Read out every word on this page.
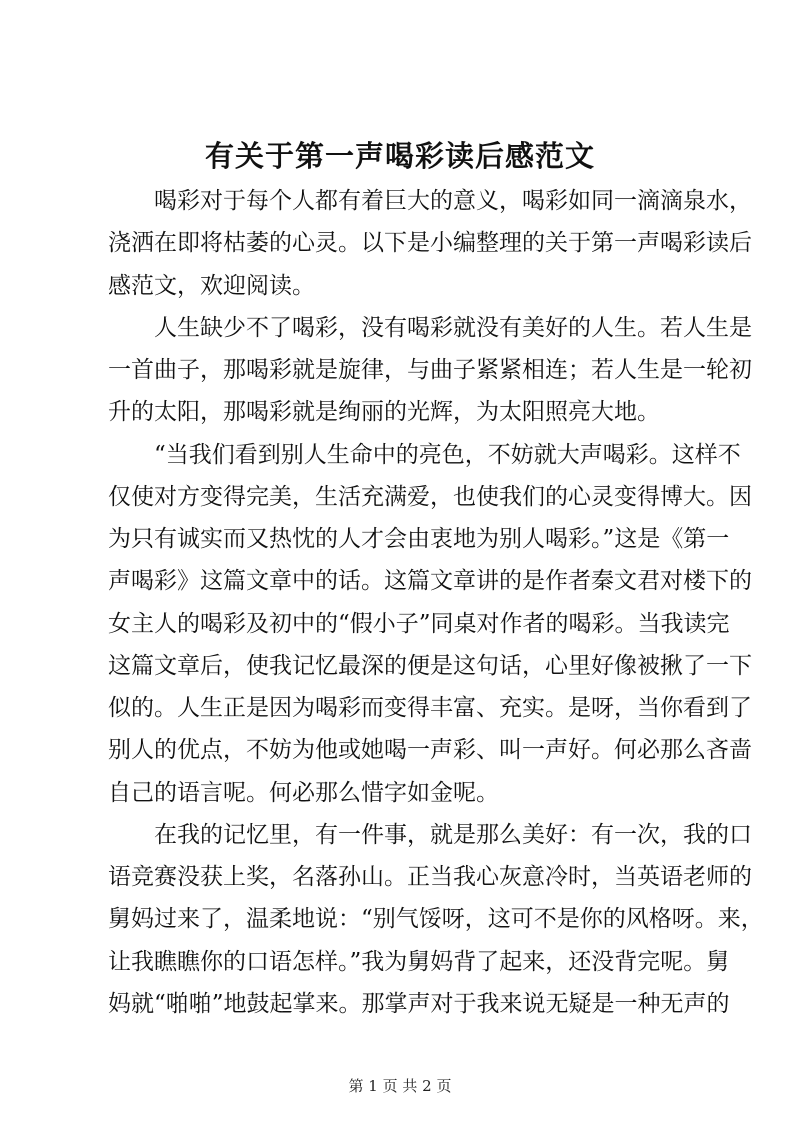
有关于第一声喝彩读后感范文
喝彩对于每个人都有着巨大的意义，喝彩如同一滴滴泉水，
浇洒在即将枯萎的心灵。以下是小编整理的关于第一声喝彩读后
感范文，欢迎阅读。
人生缺少不了喝彩，没有喝彩就没有美好的人生。若人生是
一首曲子，那喝彩就是旋律，与曲子紧紧相连；若人生是一轮初
升的太阳，那喝彩就是绚丽的光辉，为太阳照亮大地。
“当我们看到别人生命中的亮色，不妨就大声喝彩。这样不
仅使对方变得完美，生活充满爱，也使我们的心灵变得博大。因
为只有诚实而又热忱的人才会由衷地为别人喝彩。”这是《第一
声喝彩》这篇文章中的话。这篇文章讲的是作者秦文君对楼下的
女主人的喝彩及初中的“假小子”同桌对作者的喝彩。当我读完
这篇文章后，使我记忆最深的便是这句话，心里好像被揪了一下
似的。人生正是因为喝彩而变得丰富、充实。是呀，当你看到了
别人的优点，不妨为他或她喝一声彩、叫一声好。何必那么吝啬
自己的语言呢。何必那么惜字如金呢。
在我的记忆里，有一件事，就是那么美好：有一次，我的口
语竞赛没获上奖，名落孙山。正当我心灰意冷时，当英语老师的
舅妈过来了，温柔地说：“别气馁呀，这可不是你的风格呀。来，
让我瞧瞧你的口语怎样。”我为舅妈背了起来，还没背完呢。舅
妈就“啪啪”地鼓起掌来。那掌声对于我来说无疑是一种无声的
第 1 页 共 2 页
